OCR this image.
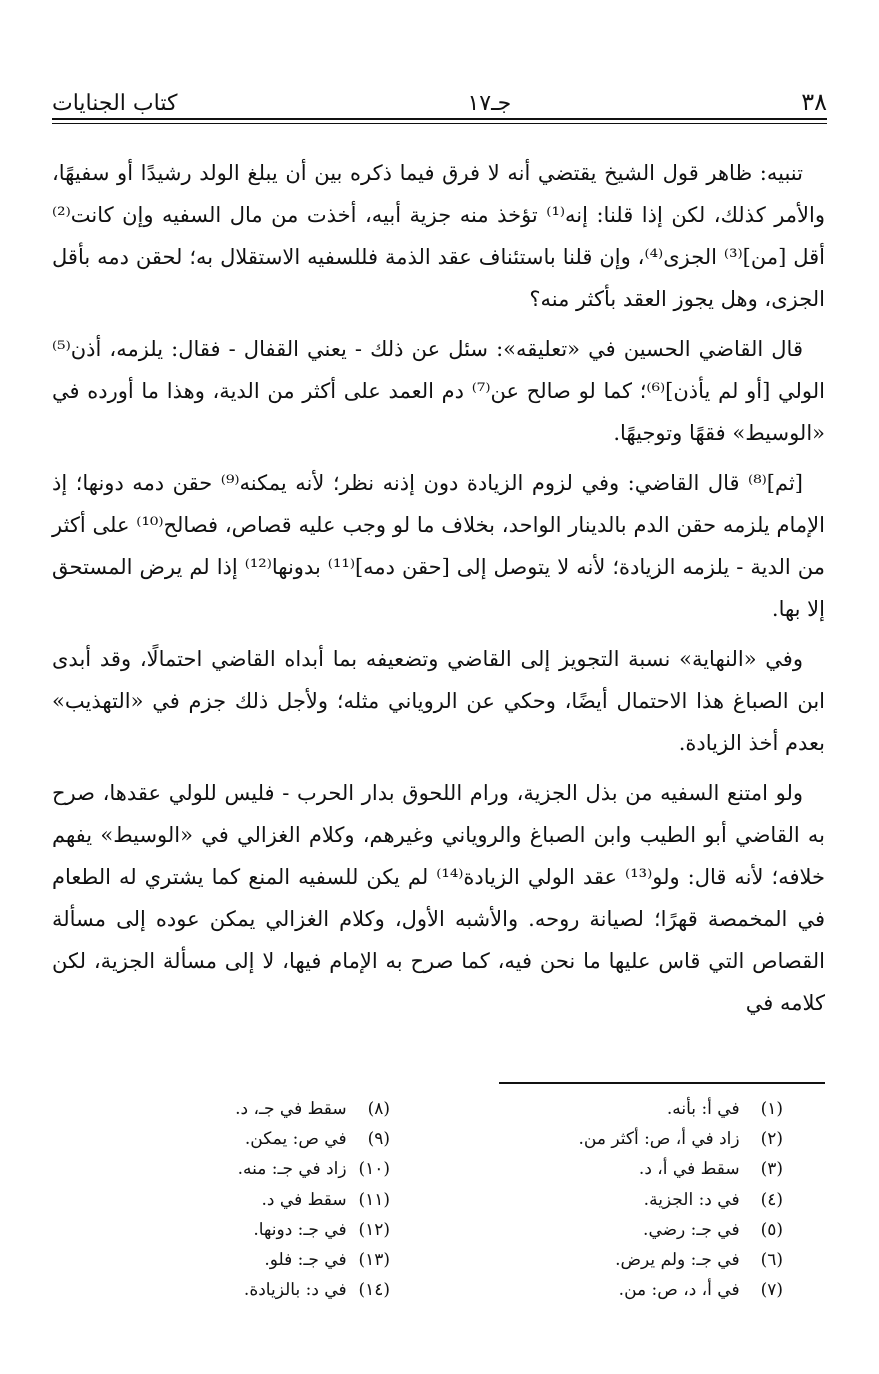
٣٨
جـ١٧
كتاب الجنايات

تنبيه: ظاهر قول الشيخ يقتضي أنه لا فرق فيما ذكره بين أن يبلغ الولد رشيدًا أو سفيهًا، والأمر كذلك، لكن إذا قلنا: إنه⁽¹⁾ تؤخذ منه جزية أبيه، أخذت من مال السفيه وإن كانت⁽²⁾ أقل [من]⁽³⁾ الجزى⁽⁴⁾، وإن قلنا باستئناف عقد الذمة فللسفيه الاستقلال به؛ لحقن دمه بأقل الجزى، وهل يجوز العقد بأكثر منه؟

قال القاضي الحسين في «تعليقه»: سئل عن ذلك - يعني القفال - فقال: يلزمه، أذن⁽⁵⁾ الولي [أو لم يأذن]⁽⁶⁾؛ كما لو صالح عن⁽⁷⁾ دم العمد على أكثر من الدية، وهذا ما أورده في «الوسيط» فقهًا وتوجيهًا.

[ثم]⁽⁸⁾ قال القاضي: وفي لزوم الزيادة دون إذنه نظر؛ لأنه يمكنه⁽⁹⁾ حقن دمه دونها؛ إذ الإمام يلزمه حقن الدم بالدينار الواحد، بخلاف ما لو وجب عليه قصاص، فصالح⁽¹⁰⁾ على أكثر من الدية - يلزمه الزيادة؛ لأنه لا يتوصل إلى [حقن دمه]⁽¹¹⁾ بدونها⁽¹²⁾ إذا لم يرض المستحق إلا بها.

وفي «النهاية» نسبة التجويز إلى القاضي وتضعيفه بما أبداه القاضي احتمالًا، وقد أبدى ابن الصباغ هذا الاحتمال أيضًا، وحكي عن الروياني مثله؛ ولأجل ذلك جزم في «التهذيب» بعدم أخذ الزيادة.

ولو امتنع السفيه من بذل الجزية، ورام اللحوق بدار الحرب - فليس للولي عقدها، صرح به القاضي أبو الطيب وابن الصباغ والروياني وغيرهم، وكلام الغزالي في «الوسيط» يفهم خلافه؛ لأنه قال: ولو⁽¹³⁾ عقد الولي الزيادة⁽¹⁴⁾ لم يكن للسفيه المنع كما يشتري له الطعام في المخمصة قهرًا؛ لصيانة روحه. والأشبه الأول، وكلام الغزالي يمكن عوده إلى مسألة القصاص التي قاس عليها ما نحن فيه، كما صرح به الإمام فيها، لا إلى مسألة الجزية، لكن كلامه في

(١) في أ: بأنه.
(٢) زاد في أ، ص: أكثر من.
(٣) سقط في أ، د.
(٤) في د: الجزية.
(٥) في جـ: رضي.
(٦) في جـ: ولم يرض.
(٧) في أ، د، ص: من.
(٨) سقط في جـ، د.
(٩) في ص: يمكن.
(١٠) زاد في جـ: منه.
(١١) سقط في د.
(١٢) في جـ: دونها.
(١٣) في جـ: فلو.
(١٤) في د: بالزيادة.
